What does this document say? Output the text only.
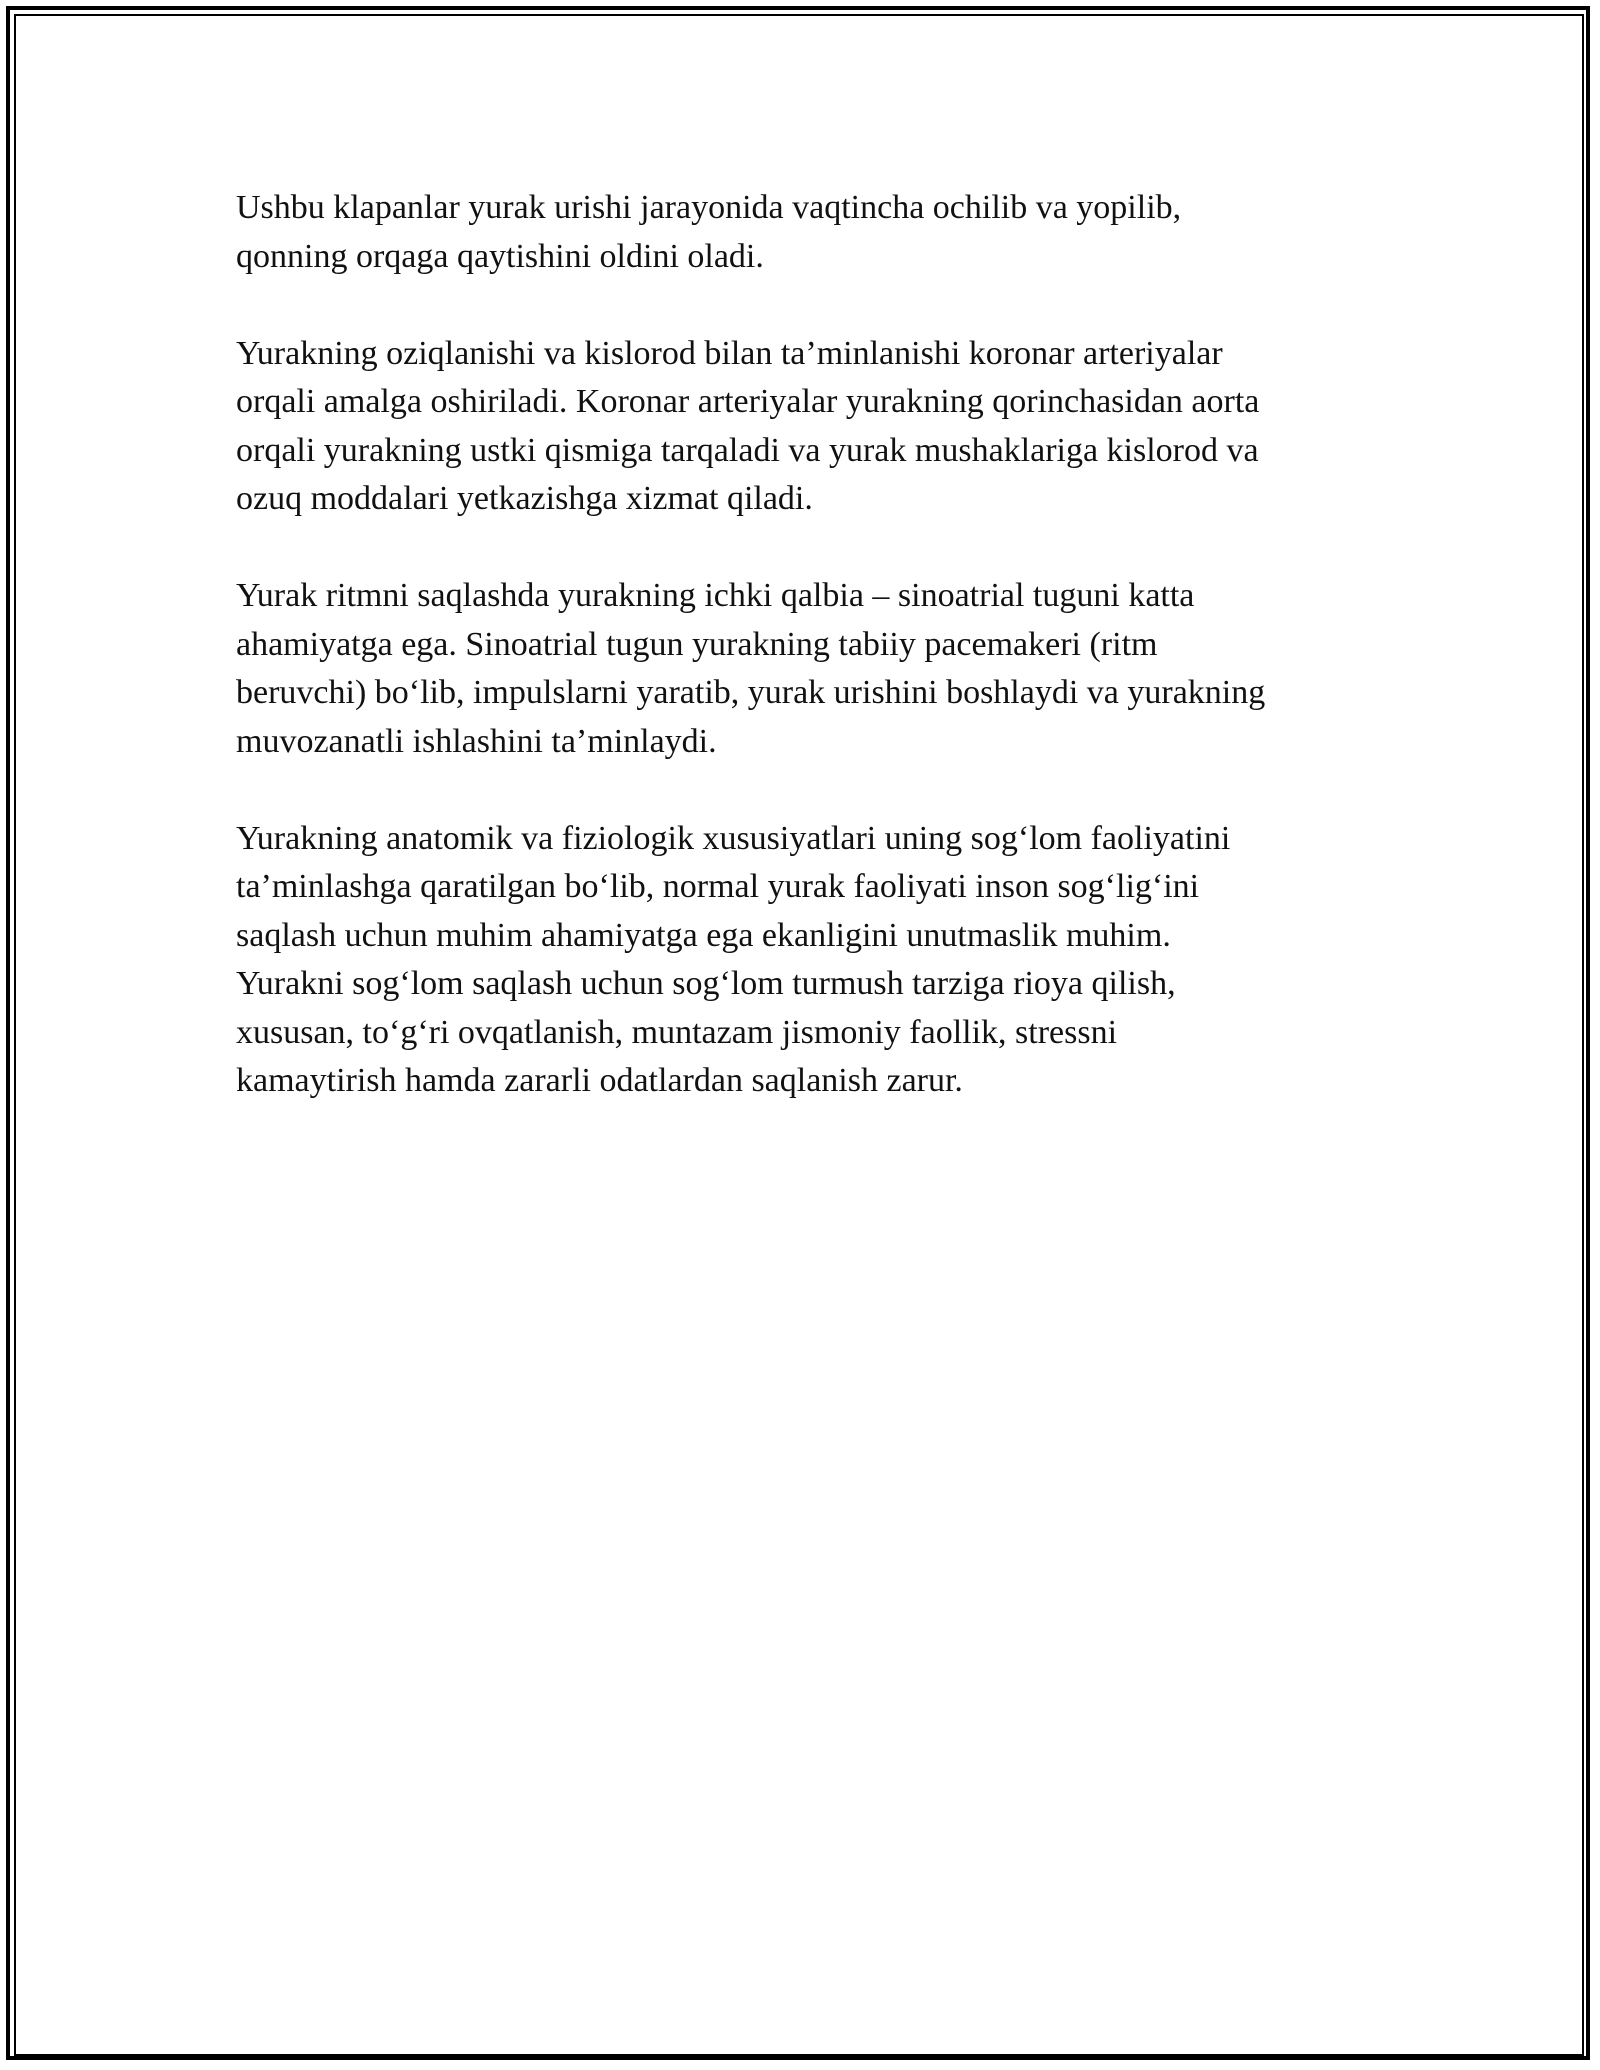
Ushbu klapanlar yurak urishi jarayonida vaqtincha ochilib va yopilib,
qonning orqaga qaytishini oldini oladi.

Yurakning oziqlanishi va kislorod bilan ta’minlanishi koronar arteriyalar
orqali amalga oshiriladi. Koronar arteriyalar yurakning qorinchasidan aorta
orqali yurakning ustki qismiga tarqaladi va yurak mushaklariga kislorod va
ozuq moddalari yetkazishga xizmat qiladi.

Yurak ritmni saqlashda yurakning ichki qalbia – sinoatrial tuguni katta
ahamiyatga ega. Sinoatrial tugun yurakning tabiiy pacemakeri (ritm
beruvchi) bo‘lib, impulslarni yaratib, yurak urishini boshlaydi va yurakning
muvozanatli ishlashini ta’minlaydi.

Yurakning anatomik va fiziologik xususiyatlari uning sog‘lom faoliyatini
ta’minlashga qaratilgan bo‘lib, normal yurak faoliyati inson sog‘lig‘ini
saqlash uchun muhim ahamiyatga ega ekanligini unutmaslik muhim.
Yurakni sog‘lom saqlash uchun sog‘lom turmush tarziga rioya qilish,
xususan, to‘g‘ri ovqatlanish, muntazam jismoniy faollik, stressni
kamaytirish hamda zararli odatlardan saqlanish zarur.
